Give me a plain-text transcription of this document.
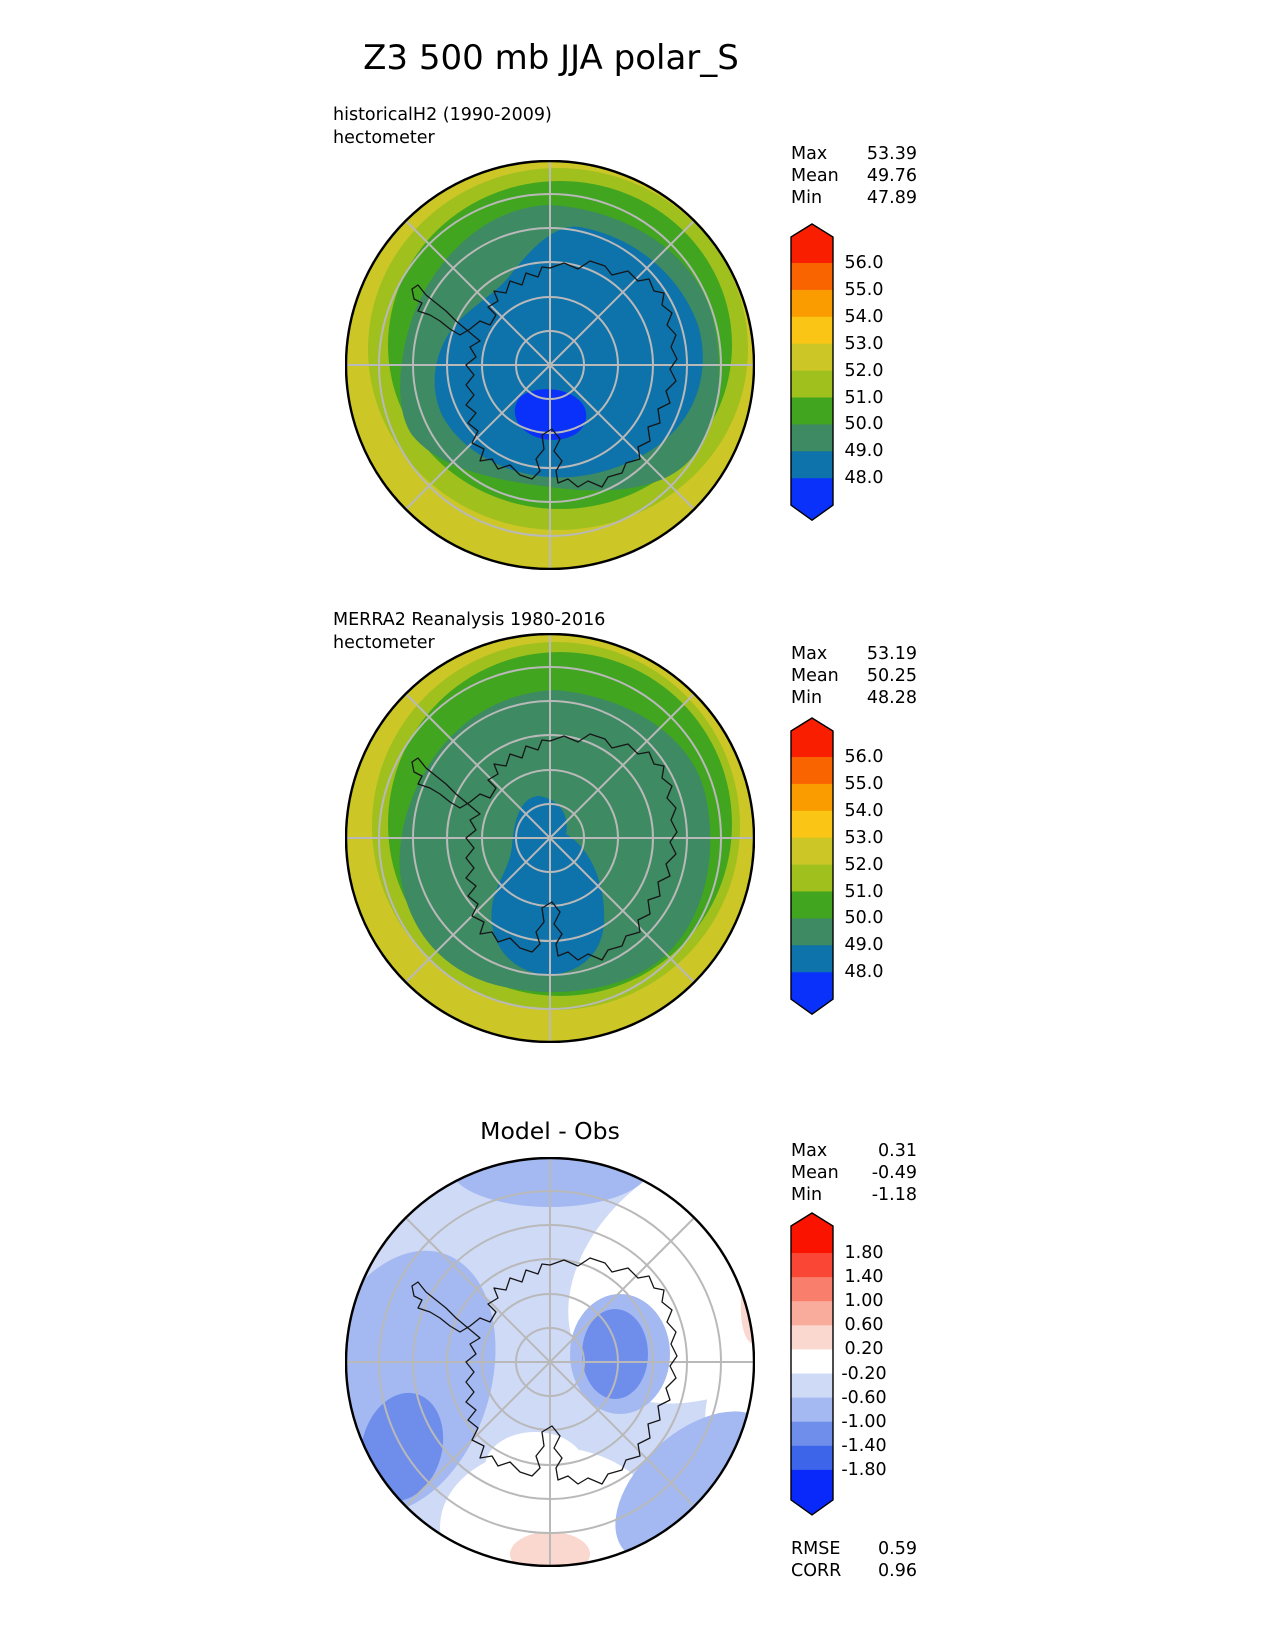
Z3 500 mb JJA polar_S
historicalH2 (1990-2009)
hectometer
Max 53.39
Mean 49.76
Min	47.89
MERRA2 Reanalysis 1980-2016
hectometer
Max 53.19
Mean 50.25
Min	48.28
Model - Obs
Max	0.31
Mean -0.49
Min	-1.18
RMSE 0.59
CORR 0.96
56.0
55.0
54.0
53.0
52.0
51.0
50.0
49.0
48.0
56.0
55.0
54.0
53.0
52.0
51.0
50.0
49.0
48.0
1.80
1.40
1.00
0.60
0.20
-0.20
-0.60
-1.00
-1.40
-1.80
